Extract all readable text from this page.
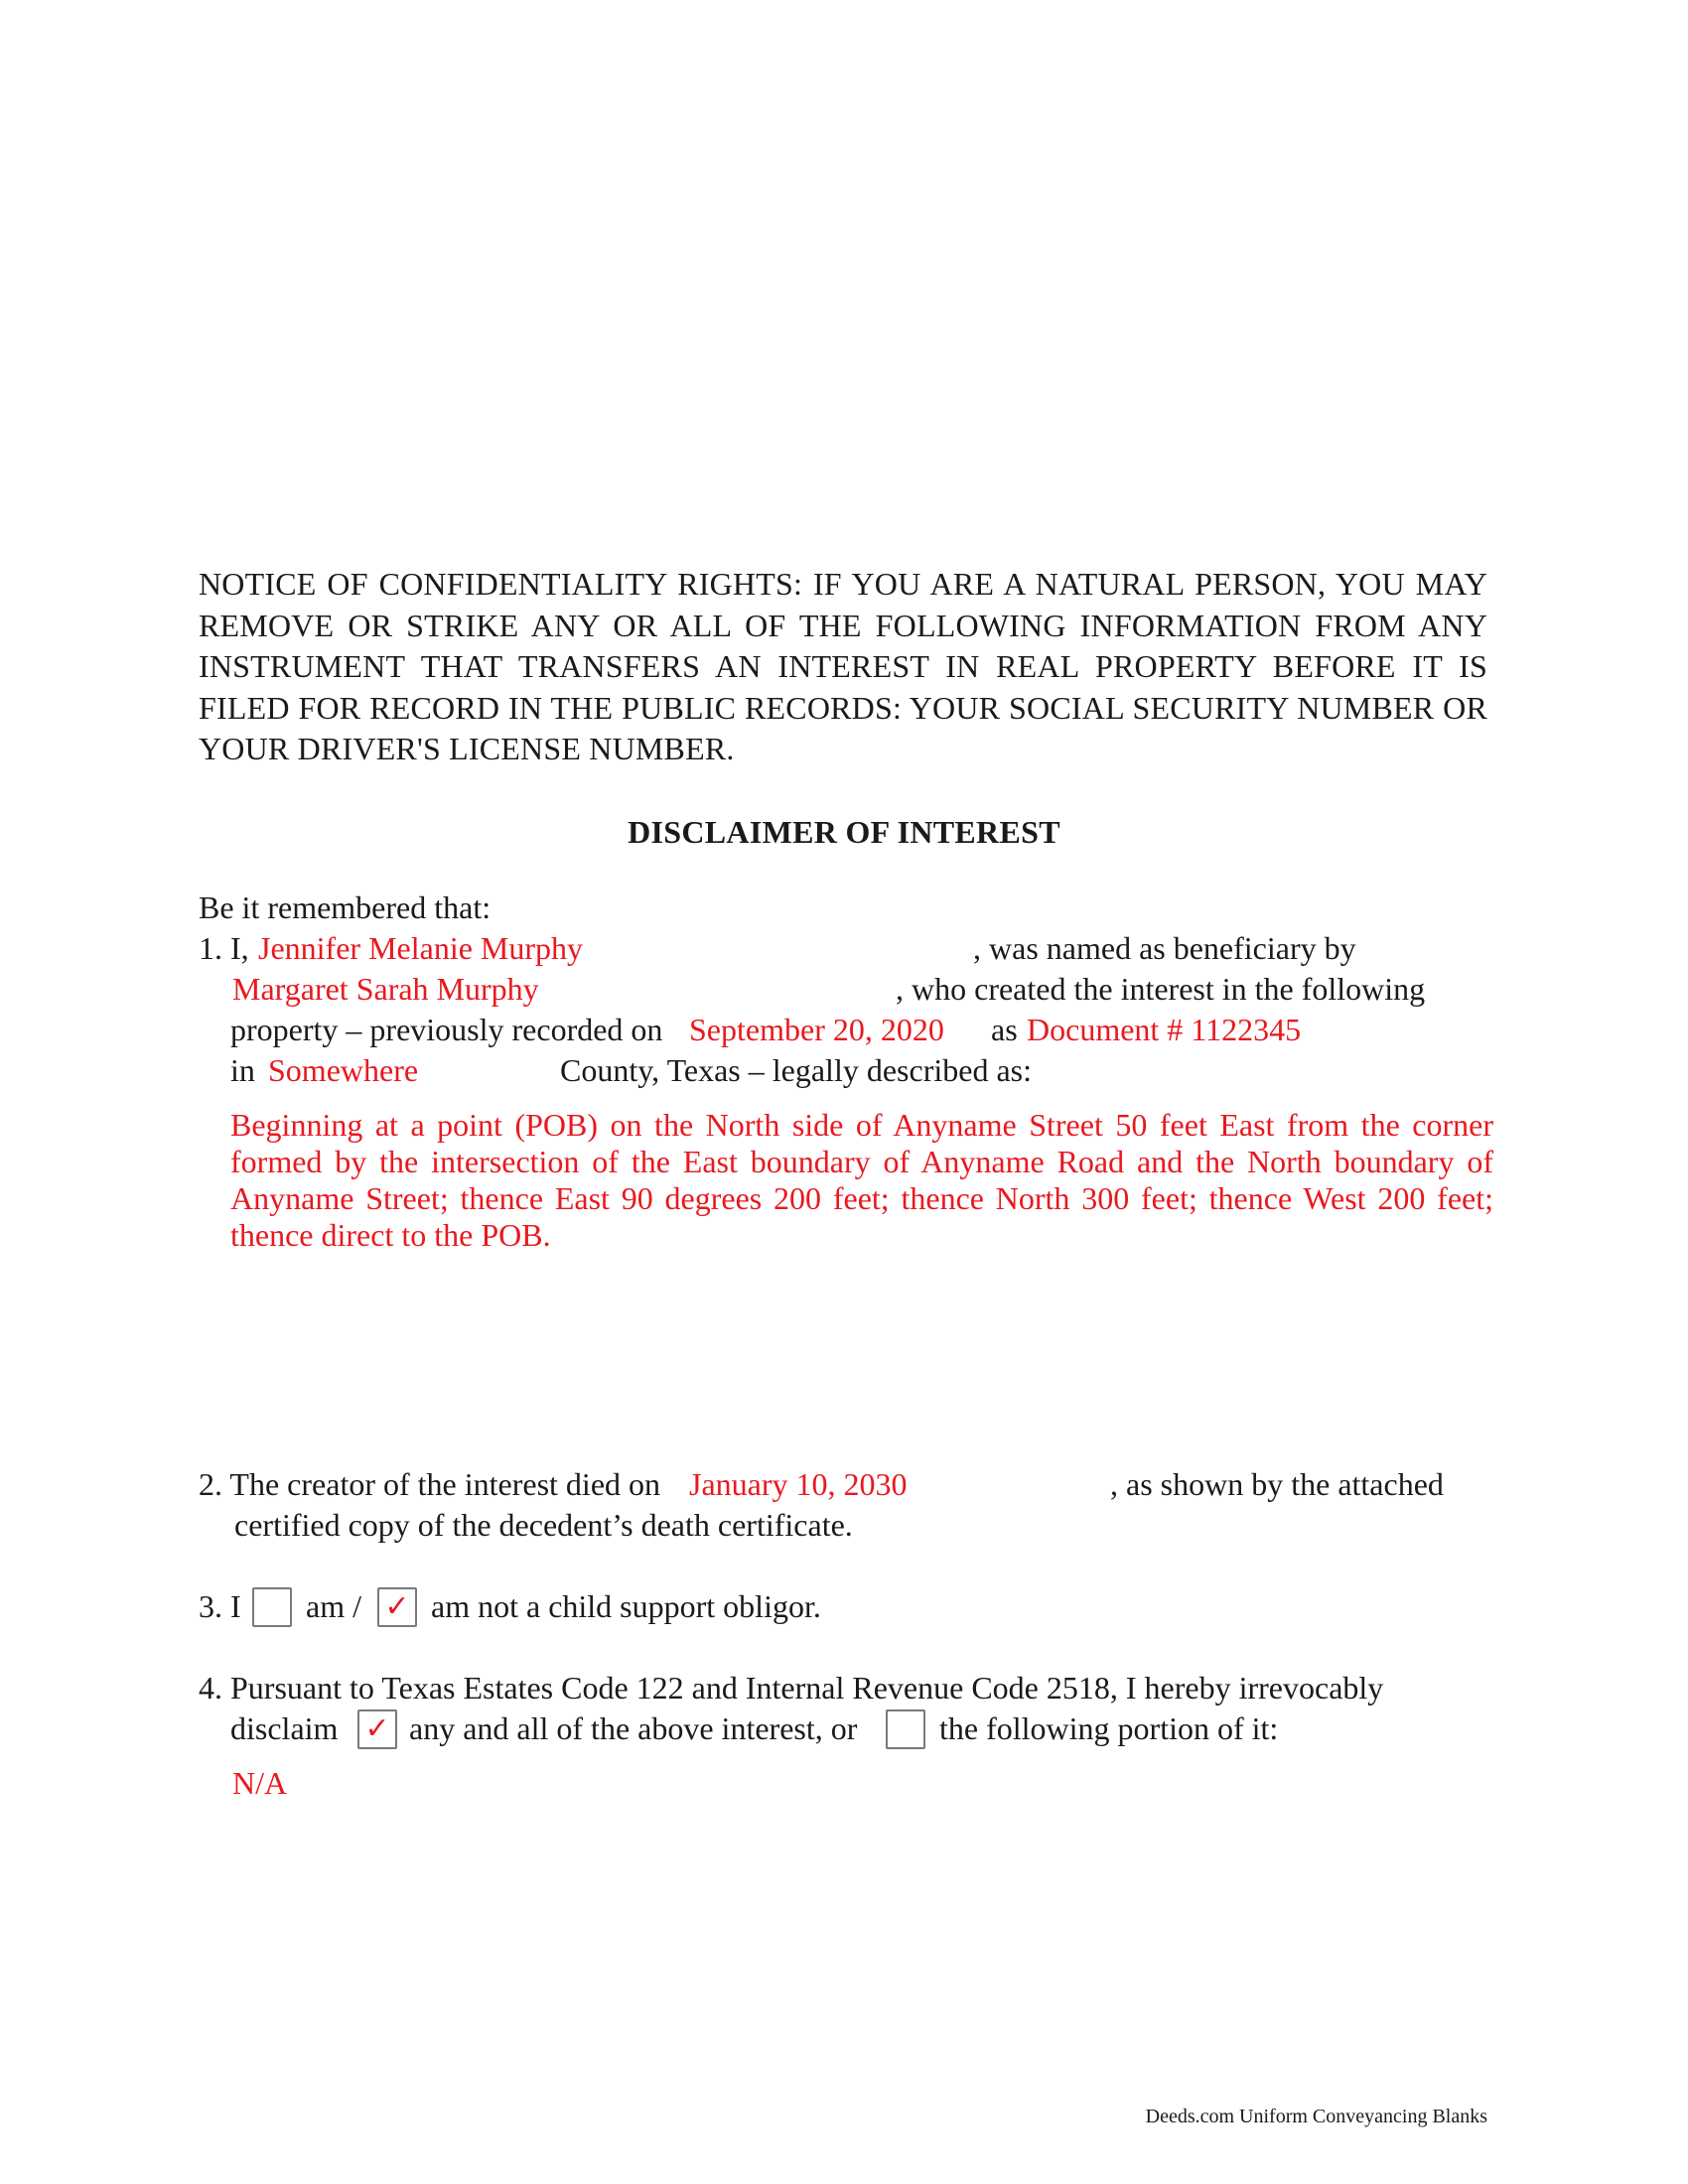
NOTICE OF CONFIDENTIALITY RIGHTS: IF YOU ARE A NATURAL PERSON, YOU MAY REMOVE OR STRIKE ANY OR ALL OF THE FOLLOWING INFORMATION FROM ANY INSTRUMENT THAT TRANSFERS AN INTEREST IN REAL PROPERTY BEFORE IT IS FILED FOR RECORD IN THE PUBLIC RECORDS: YOUR SOCIAL SECURITY NUMBER OR YOUR DRIVER'S LICENSE NUMBER.
DISCLAIMER OF INTEREST
Be it remembered that:
1. I, Jennifer Melanie Murphy	, was named as beneficiary by
Margaret Sarah Murphy	, who created the interest in the following
property – previously recorded on September 20, 2020 as Document # 1122345
in Somewhere	County, Texas – legally described as:
Beginning at a point (POB) on the North side of Anyname Street 50 feet East from the corner formed by the intersection of the East boundary of Anyname Road and the North boundary of Anyname Street; thence East 90 degrees 200 feet; thence North 300 feet; thence West 200 feet; thence direct to the POB.
2. The creator of the interest died on January 10, 2030	, as shown by the attached
certified copy of the decedent’s death certificate.
3. I am / ✓ am not a child support obligor.
4. Pursuant to Texas Estates Code 122 and Internal Revenue Code 2518, I hereby irrevocably
disclaim ✓ any and all of the above interest, or	the following portion of it:
N/A
Deeds.com Uniform Conveyancing Blanks
